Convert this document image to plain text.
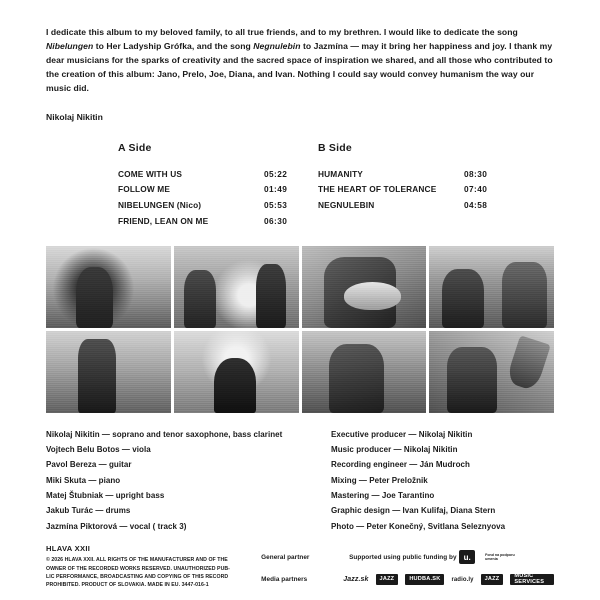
I dedicate this album to my beloved family, to all true friends, and to my brethren. I would like to dedicate the song Nibelungen to Her Ladyship Grófka, and the song Negnulebin to Jazmína — may it bring her happiness and joy. I thank my dear musicians for the sparks of creativity and the sacred space of inspiration we shared, and all those who contributed to the creation of this album: Jano, Prelo, Joe, Diana, and Ivan. Nothing I could say would convey humanism the way our music did.

Nikolaj Nikitin
A Side
COME WITH US	05:22
FOLLOW ME	01:49
NIBELUNGEN (Nico)	05:53
FRIEND, LEAN ON ME	06:30
B Side
HUMANITY	08:30
THE HEART OF TOLERANCE	07:40
NEGNULEBIN	04:58
Nikolaj Nikitin — soprano and tenor saxophone, bass clarinet
Vojtech Belu Botos — viola
Pavol Bereza — guitar
Miki Skuta — piano
Matej Štubniak — upright bass
Jakub Turác — drums
Jazmína Piktorová — vocal ( track 3)
Executive producer — Nikolaj Nikitin
Music producer — Nikolaj Nikitin
Recording engineer — Ján Mudroch
Mixing — Peter Preložnik
Mastering — Joe Tarantino
Graphic design — Ivan Kulifaj, Diana Stern
Photo — Peter Konečný, Svitlana Seleznyova
HLAVA XXII
© 2026 HLAVA XXII. ALL RIGHTS OF THE MANUFACTURER AND OF THE OWNER OF THE RECORDED WORKS RESERVED. UNAUTHORIZED PUB-LIC PERFORMANCE, BROADCASTING AND COPYING OF THIS RECORD PROHIBITED. PRODUCT OF SLOVAKIA. MADE IN EU. 3447-016-1
General partner	Supported using public funding by u.	Fond na podporu umenia
Media partners	Jazz.sk	JAZZ	HUDBA.SK	radio.ly	JAZZ	MUSIC SERVICES
